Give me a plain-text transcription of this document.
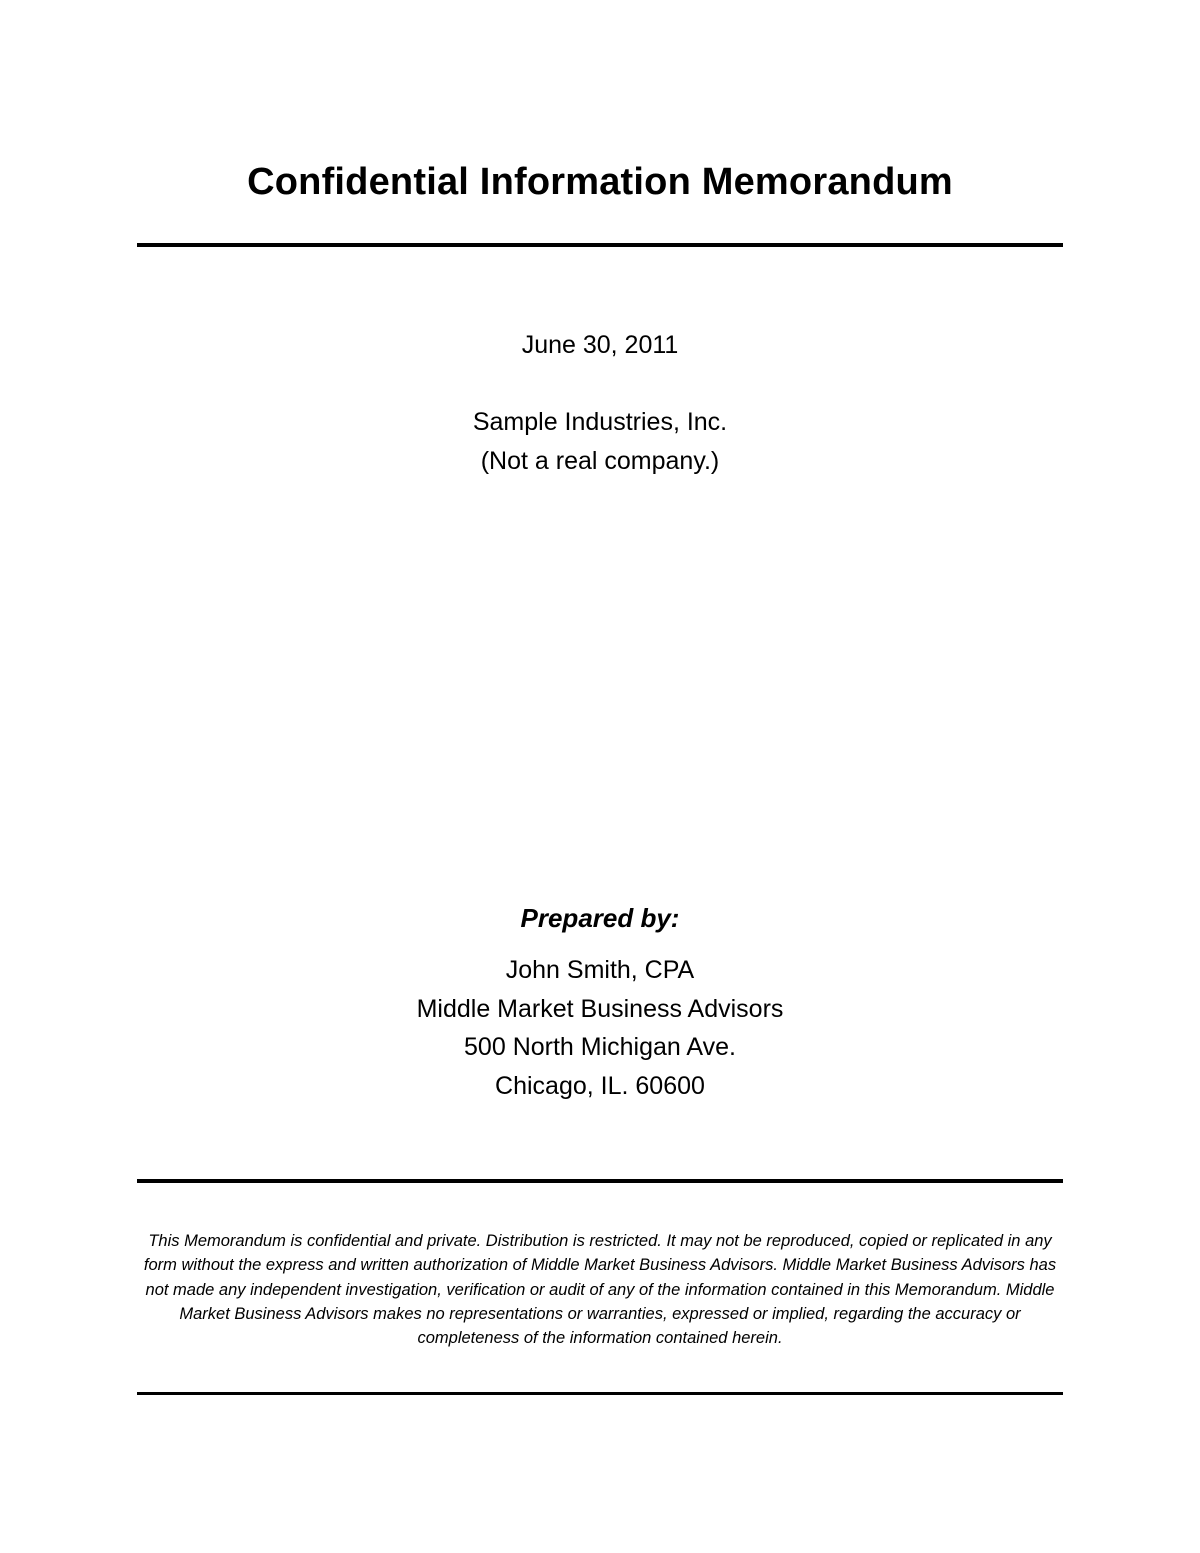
Confidential Information Memorandum
June 30, 2011
Sample Industries, Inc.
(Not a real company.)
Prepared by:
John Smith, CPA
Middle Market Business Advisors
500 North Michigan Ave.
Chicago, IL. 60600
This Memorandum is confidential and private. Distribution is restricted. It may not be reproduced, copied or replicated in any form without the express and written authorization of Middle Market Business Advisors. Middle Market Business Advisors has not made any independent investigation, verification or audit of any of the information contained in this Memorandum. Middle Market Business Advisors makes no representations or warranties, expressed or implied, regarding the accuracy or completeness of the information contained herein.
